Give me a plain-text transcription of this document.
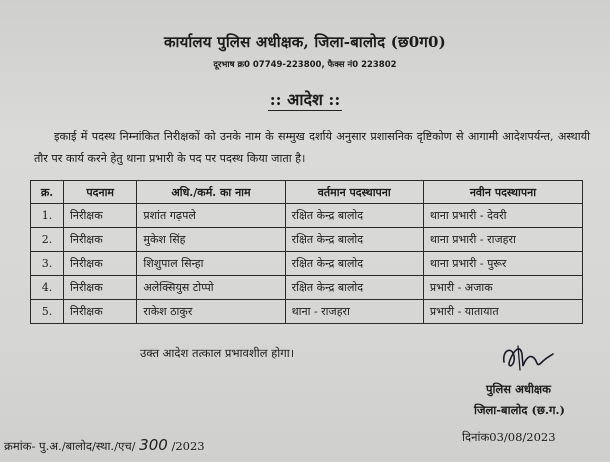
कार्यालय पुलिस अधीक्षक, जिला-बालोद (छ0ग0)
दूरभाष क्र0 07749-223800, फैक्स नं0 223802
:: आदेश ::

इकाई में पदस्थ निम्नांकित निरीक्षकों को उनके नाम के सम्मुख दर्शाये अनुसार प्रशासनिक दृष्टिकोण से आगामी आदेशपर्यन्त, अस्थायी तौर पर कार्य करने हेतु थाना प्रभारी के पद पर पदस्थ किया जाता है।

क्र.	पदनाम	अधि./कर्म. का नाम	वर्तमान पदस्थापना	नवीन पदस्थापना
1.	निरीक्षक	प्रशांत गढ़पले	रक्षित केन्द्र बालोद	थाना प्रभारी - देवरी
2.	निरीक्षक	मुकेश सिंह	रक्षित केन्द्र बालोद	थाना प्रभारी - राजहरा
3.	निरीक्षक	शिशुपाल सिन्हा	रक्षित केन्द्र बालोद	थाना प्रभारी - पुरूर
4.	निरीक्षक	अलेक्सियुस टोप्पो	रक्षित केन्द्र बालोद	प्रभारी - अजाक
5.	निरीक्षक	राकेश ठाकुर	थाना - राजहरा	प्रभारी - यातायात
उक्त आदेश तत्काल प्रभावशील होगा।
पुलिस अधीक्षक
जिला-बालोद (छ.ग.)
दिनांक03/08/2023
क्रमांक- पु.अ./बालोद/स्था./एच/ 300 /2023
